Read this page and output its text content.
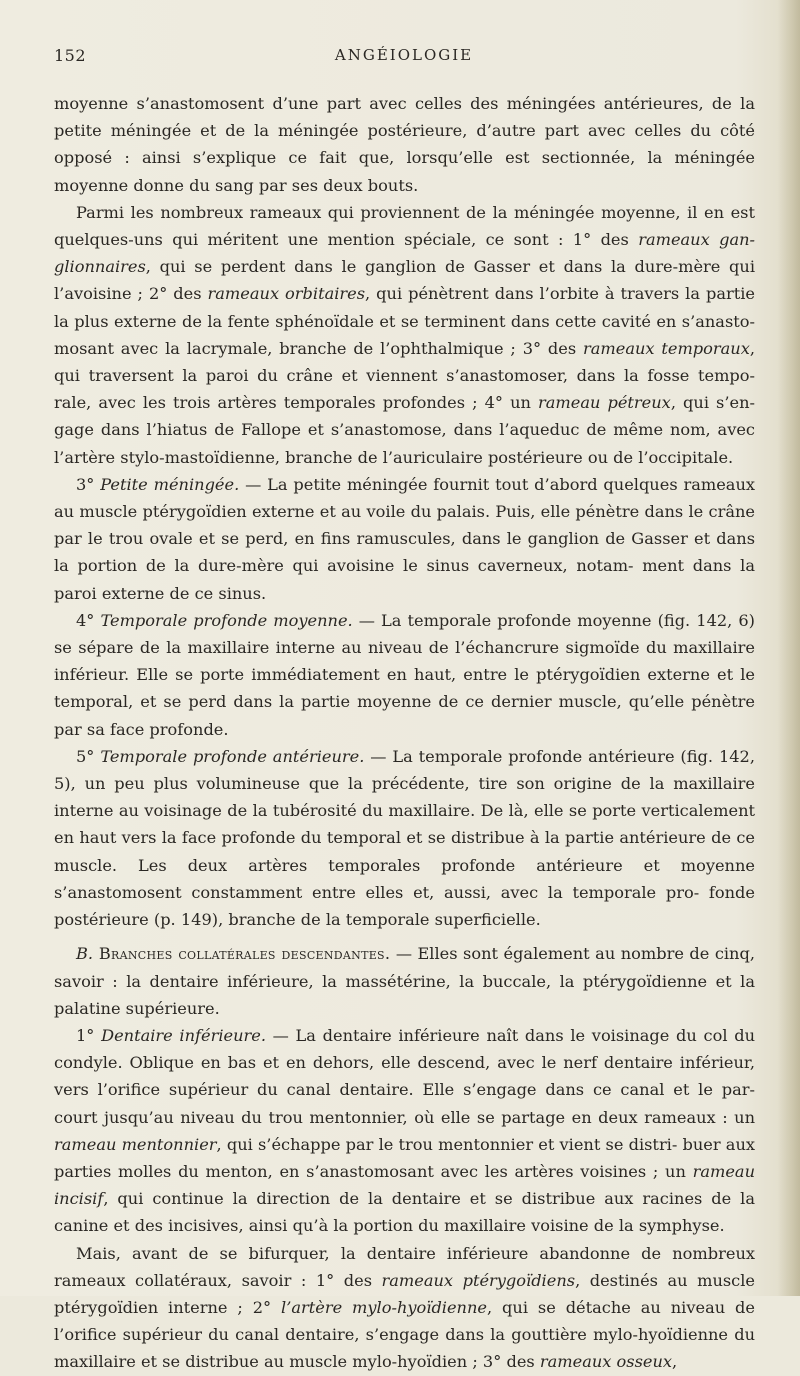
152	ANGÉIOLOGIE

moyenne s’anastomosent d’une part avec celles des méningées antérieures, de la
petite méningée et de la méningée postérieure, d’autre part avec celles du côté
opposé : ainsi s’explique ce fait que, lorsqu’elle est sectionnée, la méningée
moyenne donne du sang par ses deux bouts.

Parmi les nombreux rameaux qui proviennent de la méningée moyenne, il en est quelques-uns qui méritent une mention spéciale, ce sont : 1° des rameaux gan- glionnaires, qui se perdent dans le ganglion de Gasser et dans la dure-mère qui l’avoisine ; 2° des rameaux orbitaires, qui pénètrent dans l’orbite à travers la partie la plus externe de la fente sphénoïdale et se terminent dans cette cavité en s’anasto- mosant avec la lacrymale, branche de l’ophthalmique ; 3° des rameaux temporaux, qui traversent la paroi du crâne et viennent s’anastomoser, dans la fosse tempo- rale, avec les trois artères temporales profondes ; 4° un rameau pétreux, qui s’en- gage dans l’hiatus de Fallope et s’anastomose, dans l’aqueduc de même nom, avec l’artère stylo-mastoïdienne, branche de l’auriculaire postérieure ou de l’occipitale.

3° Petite méningée. — La petite méningée fournit tout d’abord quelques rameaux au muscle ptérygoïdien externe et au voile du palais. Puis, elle pénètre dans le crâne par le trou ovale et se perd, en fins ramuscules, dans le ganglion de Gasser et dans la portion de la dure-mère qui avoisine le sinus caverneux, notam- ment dans la paroi externe de ce sinus.

4° Temporale profonde moyenne. — La temporale profonde moyenne (fig. 142, 6) se sépare de la maxillaire interne au niveau de l’échancrure sigmoïde du maxillaire inférieur. Elle se porte immédiatement en haut, entre le ptérygoïdien externe et le temporal, et se perd dans la partie moyenne de ce dernier muscle, qu’elle pénètre par sa face profonde.

5° Temporale profonde antérieure. — La temporale profonde antérieure (fig. 142, 5), un peu plus volumineuse que la précédente, tire son origine de la maxillaire interne au voisinage de la tubérosité du maxillaire. De là, elle se porte verticalement en haut vers la face profonde du temporal et se distribue à la partie antérieure de ce muscle. Les deux artères temporales profonde antérieure et moyenne s’anastomosent constamment entre elles et, aussi, avec la temporale pro- fonde postérieure (p. 149), branche de la temporale superficielle.

B. Branches collatérales descendantes. — Elles sont également au nombre de cinq, savoir : la dentaire inférieure, la massétérine, la buccale, la ptérygoïdienne et la palatine supérieure.

1° Dentaire inférieure. — La dentaire inférieure naît dans le voisinage du col du condyle. Oblique en bas et en dehors, elle descend, avec le nerf dentaire inférieur, vers l’orifice supérieur du canal dentaire. Elle s’engage dans ce canal et le par- court jusqu’au niveau du trou mentonnier, où elle se partage en deux rameaux : un rameau mentonnier, qui s’échappe par le trou mentonnier et vient se distri- buer aux parties molles du menton, en s’anastomosant avec les artères voisines ; un rameau incisif, qui continue la direction de la dentaire et se distribue aux racines de la canine et des incisives, ainsi qu’à la portion du maxillaire voisine de la symphyse.

Mais, avant de se bifurquer, la dentaire inférieure abandonne de nombreux rameaux collatéraux, savoir : 1° des rameaux ptérygoïdiens, destinés au muscle ptérygoïdien interne ; 2° l’artère mylo-hyoïdienne, qui se détache au niveau de l’orifice supérieur du canal dentaire, s’engage dans la gouttière mylo-hyoïdienne du maxillaire et se distribue au muscle mylo-hyoïdien ; 3° des rameaux osseux,
